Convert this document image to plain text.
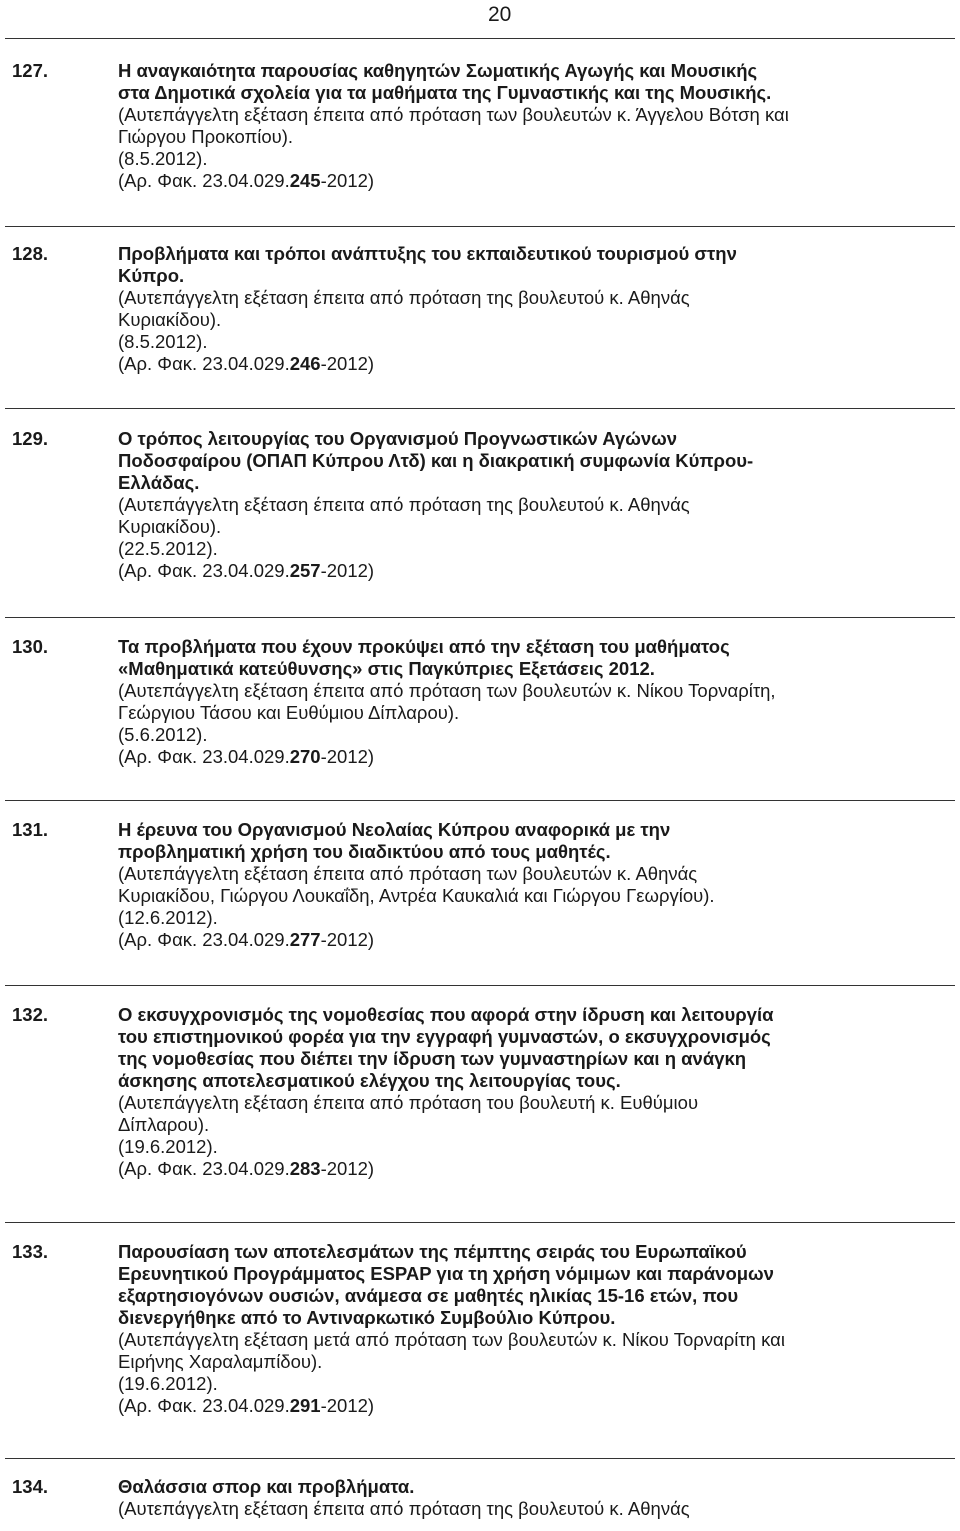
20
127.	Η αναγκαιότητα παρουσίας καθηγητών Σωματικής Αγωγής και Μουσικής
στα Δημοτικά σχολεία για τα μαθήματα της Γυμναστικής και της Μουσικής.
(Αυτεπάγγελτη εξέταση έπειτα από πρόταση των βουλευτών κ. Άγγελου Βότση και
Γιώργου Προκοπίου).
(8.5.2012).
(Αρ. Φακ. 23.04.029.245-2012)
128.	Προβλήματα και τρόποι ανάπτυξης του εκπαιδευτικού τουρισμού στην
Κύπρο.
(Αυτεπάγγελτη εξέταση έπειτα από πρόταση της βουλευτού κ. Αθηνάς
Κυριακίδου).
(8.5.2012).
(Αρ. Φακ. 23.04.029.246-2012)
129.	Ο τρόπος λειτουργίας του Οργανισμού Προγνωστικών Αγώνων
Ποδοσφαίρου (ΟΠΑΠ Κύπρου Λτδ) και η διακρατική συμφωνία Κύπρου-
Ελλάδας.
(Αυτεπάγγελτη εξέταση έπειτα από πρόταση της βουλευτού κ. Αθηνάς
Κυριακίδου).
(22.5.2012).
(Αρ. Φακ. 23.04.029.257-2012)
130.	Τα προβλήματα που έχουν προκύψει από την εξέταση του μαθήματος
«Μαθηματικά κατεύθυνσης» στις Παγκύπριες Εξετάσεις 2012.
(Αυτεπάγγελτη εξέταση έπειτα από πρόταση των βουλευτών κ. Νίκου Τορναρίτη,
Γεώργιου Τάσου και Ευθύμιου Δίπλαρου).
(5.6.2012).
(Αρ. Φακ. 23.04.029.270-2012)
131.	Η έρευνα του Οργανισμού Νεολαίας Κύπρου αναφορικά με την
προβληματική χρήση του διαδικτύου από τους μαθητές.
(Αυτεπάγγελτη εξέταση έπειτα από πρόταση των βουλευτών κ. Αθηνάς
Κυριακίδου, Γιώργου Λουκαΐδη, Αντρέα Καυκαλιά και Γιώργου Γεωργίου).
(12.6.2012).
(Αρ. Φακ. 23.04.029.277-2012)
132.	Ο εκσυγχρονισμός της νομοθεσίας που αφορά στην ίδρυση και λειτουργία
του επιστημονικού φορέα για την εγγραφή γυμναστών, ο εκσυγχρονισμός
της νομοθεσίας που διέπει την ίδρυση των γυμναστηρίων και η ανάγκη
άσκησης αποτελεσματικού ελέγχου της λειτουργίας τους.
(Αυτεπάγγελτη εξέταση έπειτα από πρόταση του βουλευτή κ. Ευθύμιου
Δίπλαρου).
(19.6.2012).
(Αρ. Φακ. 23.04.029.283-2012)
133.	Παρουσίαση των αποτελεσμάτων της πέμπτης σειράς του Ευρωπαϊκού
Ερευνητικού Προγράμματος ESPAP για τη χρήση νόμιμων και παράνομων
εξαρτησιογόνων ουσιών, ανάμεσα σε μαθητές ηλικίας 15-16 ετών, που
διενεργήθηκε από το Αντιναρκωτικό Συμβούλιο Κύπρου.
(Αυτεπάγγελτη εξέταση μετά από πρόταση των βουλευτών κ. Νίκου Τορναρίτη και
Ειρήνης Χαραλαμπίδου).
(19.6.2012).
(Αρ. Φακ. 23.04.029.291-2012)
134.	Θαλάσσια σπορ και προβλήματα.
(Αυτεπάγγελτη εξέταση έπειτα από πρόταση της βουλευτού κ. Αθηνάς
